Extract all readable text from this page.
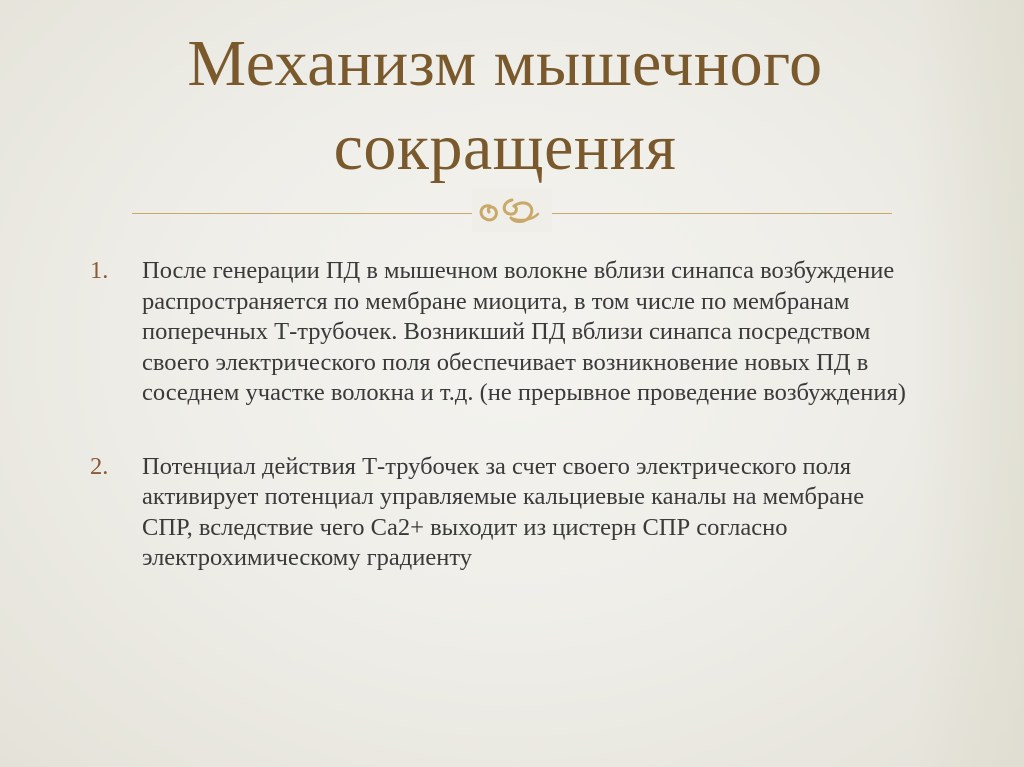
Механизм мышечного сокращения
1. После генерации ПД в мышечном волокне вблизи синапса возбуждение распространяется по мембране миоцита, в том числе по мембранам поперечных Т-трубочек. Возникший ПД вблизи синапса посредством своего электрического поля обеспечивает возникновение новых ПД в соседнем участке волокна и т.д. (не прерывное проведение возбуждения)
2. Потенциал действия Т-трубочек за счет своего электрического поля активирует потенциал управляемые кальциевые каналы на мембране СПР, вследствие чего Са2+ выходит из цистерн СПР согласно электрохимическому градиенту
